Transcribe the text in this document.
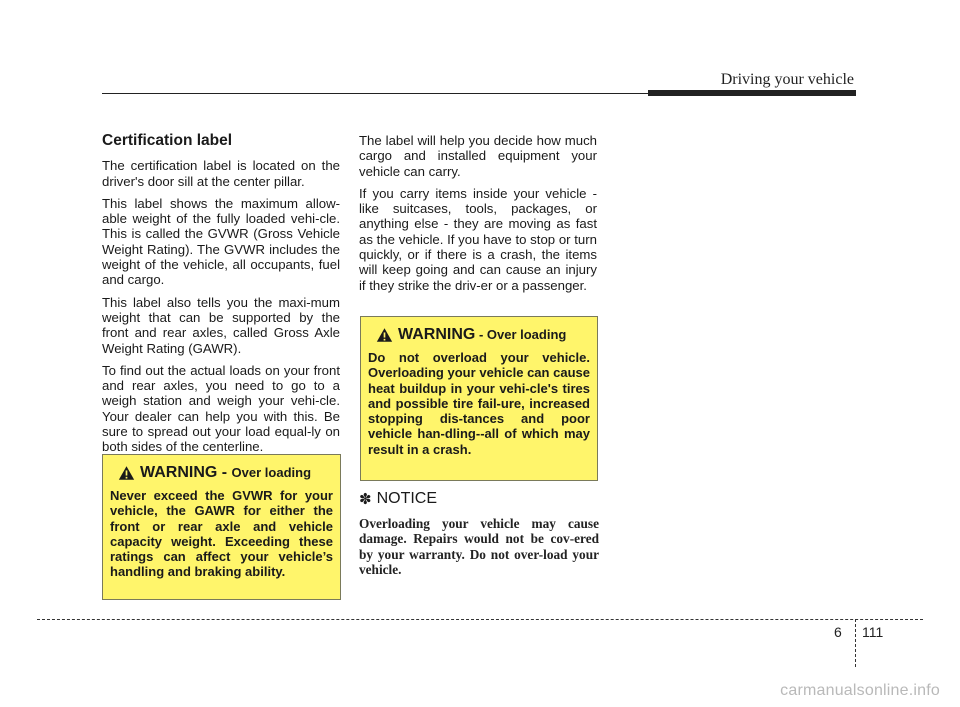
Driving your vehicle

Certification label

The certification label is located on the driver's door sill at the center pillar.

This label shows the maximum allow-able weight of the fully loaded vehi-cle. This is called the GVWR (Gross Vehicle Weight Rating). The GVWR includes the weight of the vehicle, all occupants, fuel and cargo.

This label also tells you the maxi-mum weight that can be supported by the front and rear axles, called Gross Axle Weight Rating (GAWR).

To find out the actual loads on your front and rear axles, you need to go to a weigh station and weigh your vehi-cle. Your dealer can help you with this. Be sure to spread out your load equal-ly on both sides of the centerline.

WARNING - Over loading

Never exceed the GVWR for your vehicle, the GAWR for either the front or rear axle and vehicle capacity weight. Exceeding these ratings can affect your vehicle’s handling and braking ability.

The label will help you decide how much cargo and installed equipment your vehicle can carry.

If you carry items inside your vehicle - like suitcases, tools, packages, or anything else - they are moving as fast as the vehicle. If you have to stop or turn quickly, or if there is a crash, the items will keep going and can cause an injury if they strike the driv-er or a passenger.

WARNING - Over loading

Do not overload your vehicle. Overloading your vehicle can cause heat buildup in your vehi-cle's tires and possible tire fail-ure, increased stopping dis-tances and poor vehicle han-dling--all of which may result in a crash.

✽ NOTICE

Overloading your vehicle may cause damage. Repairs would not be cov-ered by your warranty. Do not over-load your vehicle.

6 111
carmanualsonline.info
